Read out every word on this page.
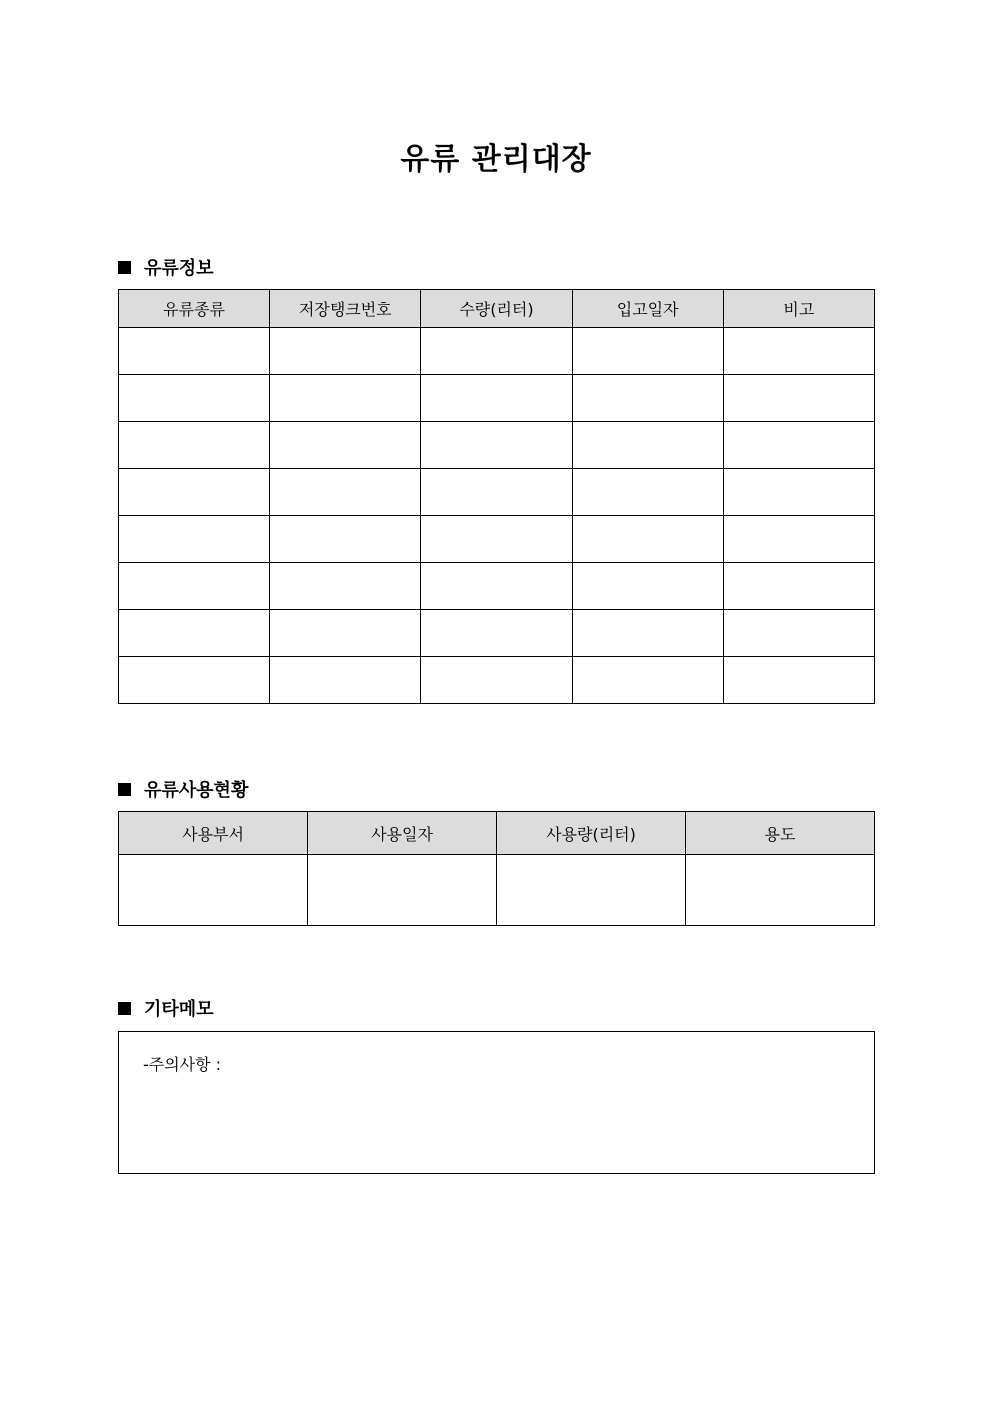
유류 관리대장
유류정보
유류종류	저장탱크번호	수량(리터)	입고일자	비고

유류사용현황
사용부서	사용일자	사용량(리터)	용도

기타메모
-주의사항 :
